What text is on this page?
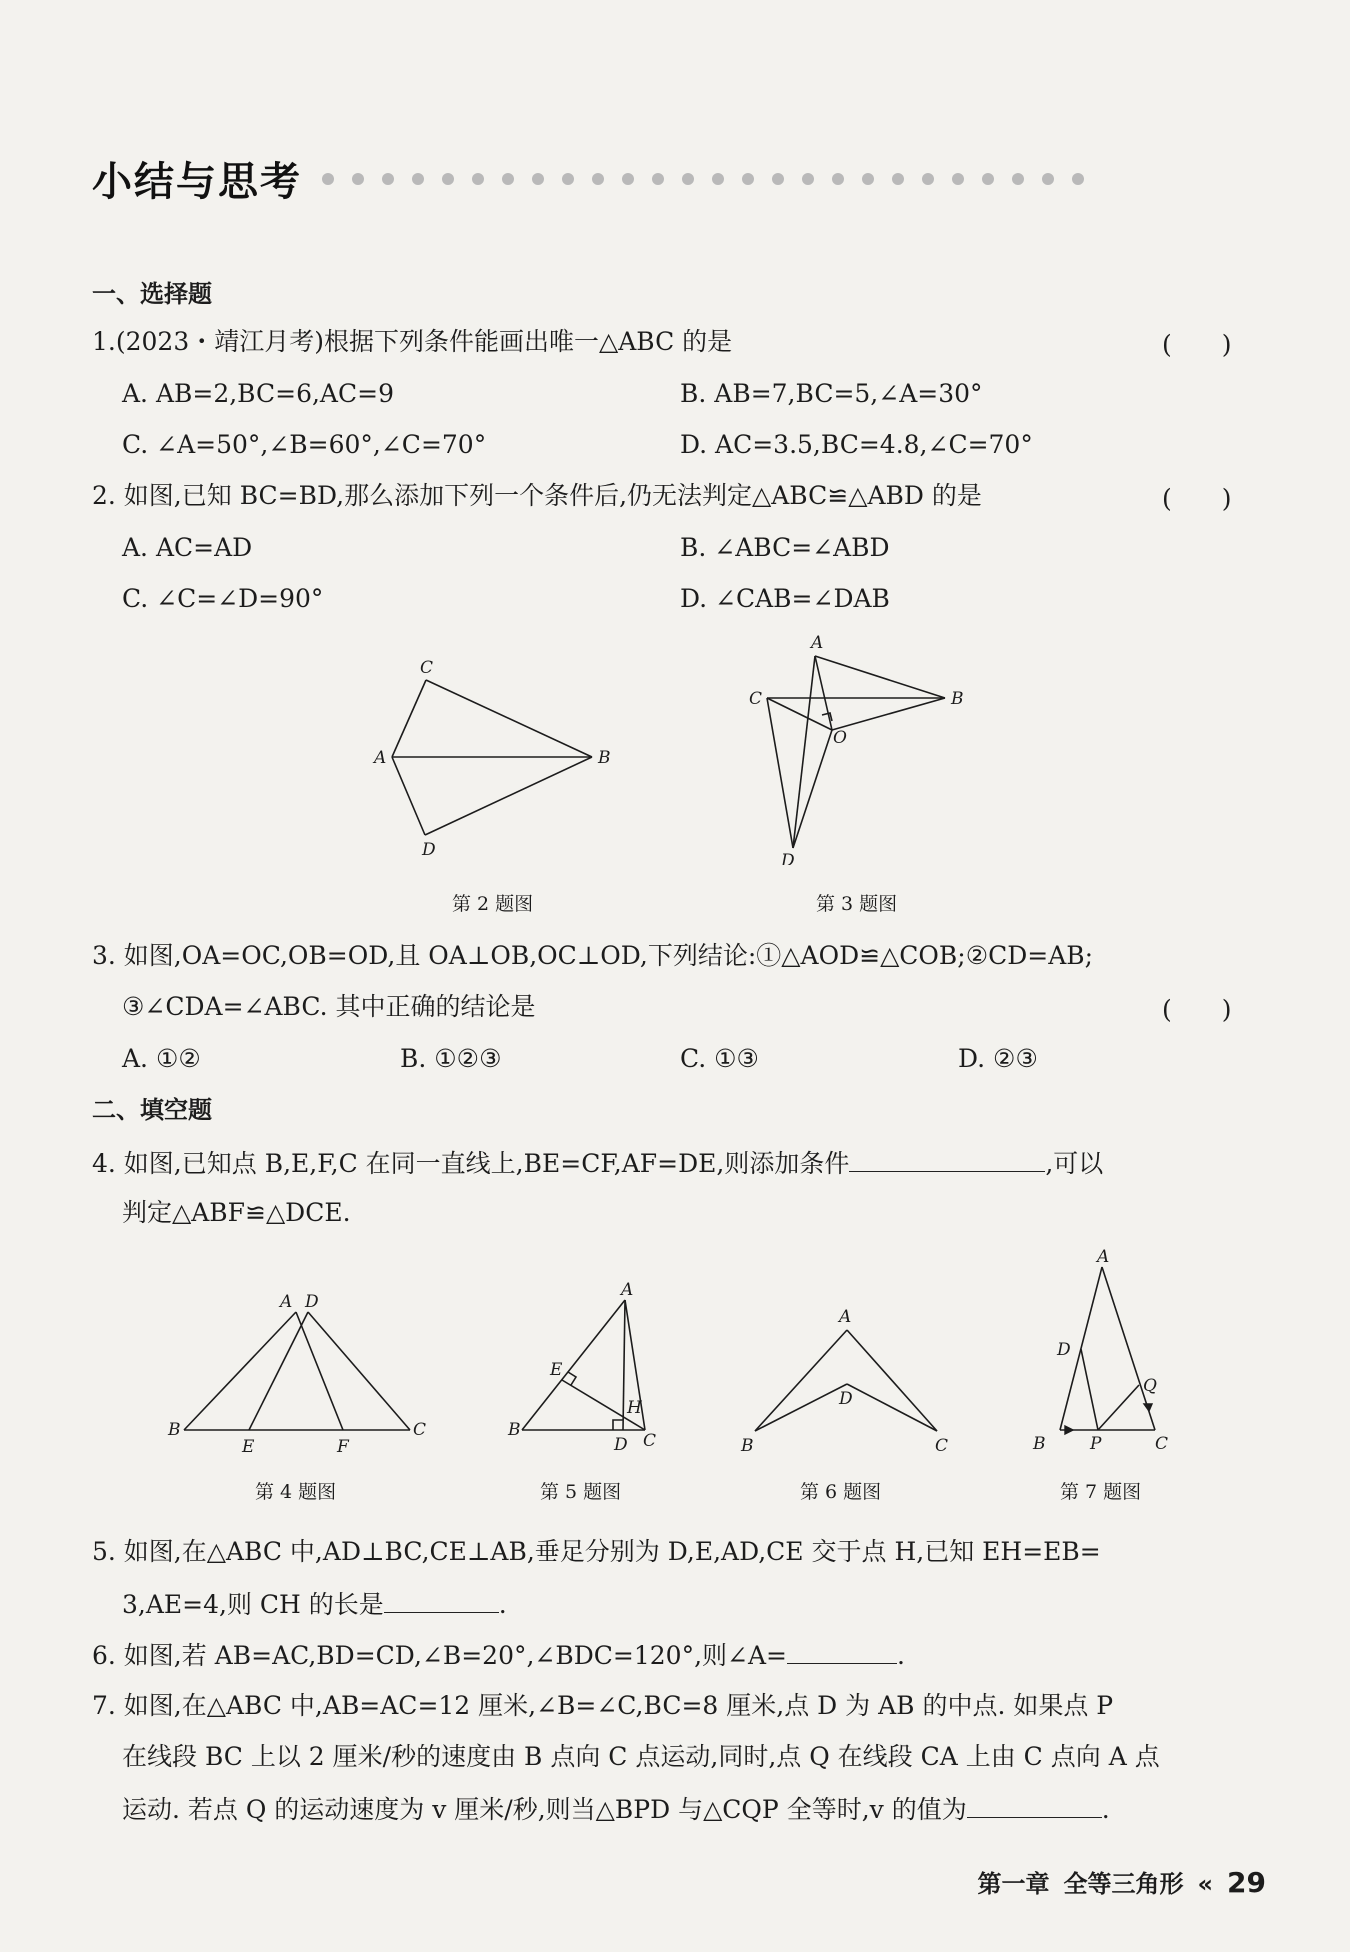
小结与思考
一、选择题
1.(2023・靖江月考)根据下列条件能画出唯一△ABC 的是	(　　)
A. AB=2,BC=6,AC=9	B. AB=7,BC=5,∠A=30°
C. ∠A=50°,∠B=60°,∠C=70°	D. AC=3.5,BC=4.8,∠C=70°
2. 如图,已知 BC=BD,那么添加下列一个条件后,仍无法判定△ABC≌△ABD 的是	(　　)
A. AC=AD	B. ∠ABC=∠ABD
C. ∠C=∠D=90°	D. ∠CAB=∠DAB
C
A	B
D
第 2 题图
A
C	B
O
D
第 3 题图
3. 如图,OA=OC,OB=OD,且 OA⊥OB,OC⊥OD,下列结论:①△AOD≌△COB;②CD=AB;
③∠CDA=∠ABC. 其中正确的结论是	(　　)
A. ①②	B. ①②③	C. ①③	D. ②③
二、填空题
4. 如图,已知点 B,E,F,C 在同一直线上,BE=CF,AF=DE,则添加条件	,可以
判定△ABF≌△DCE.
A D
B
E	F
C
第 4 题图
A
E
H
B
D C
第 5 题图
A
D
B	C
第 6 题图
A
D
Q
B	P	C
第 7 题图
5. 如图,在△ABC 中,AD⊥BC,CE⊥AB,垂足分别为 D,E,AD,CE 交于点 H,已知 EH=EB=
3,AE=4,则 CH 的长是	.
6. 如图,若 AB=AC,BD=CD,∠B=20°,∠BDC=120°,则∠A=	.
7. 如图,在△ABC 中,AB=AC=12 厘米,∠B=∠C,BC=8 厘米,点 D 为 AB 的中点. 如果点 P
在线段 BC 上以 2 厘米/秒的速度由 B 点向 C 点运动,同时,点 Q 在线段 CA 上由 C 点向 A 点
运动. 若点 Q 的运动速度为 v 厘米/秒,则当△BPD 与△CQP 全等时,v 的值为	.
第一章 全等三角形 « 29
